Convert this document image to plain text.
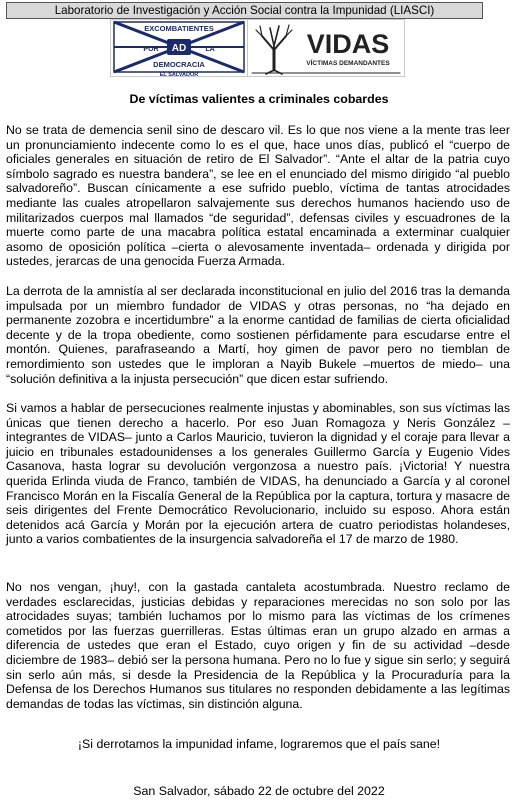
Laboratorio de Investigación y Acción Social contra la Impunidad (LIASCI)
AD
EXCOMBATIENTES
POR	LA
DEMOCRACIA
EL SALVADOR
VIDAS
VÍCTIMAS DEMANDANTES
De víctimas valientes a criminales cobardes
No se trata de demencia senil sino de descaro vil. Es lo que nos viene a la mente tras leer un pronunciamiento indecente como lo es el que, hace unos días, publicó el “cuerpo de oficiales generales en situación de retiro de El Salvador”. “Ante el altar de la patria cuyo símbolo sagrado es nuestra bandera”, se lee en el enunciado del mismo dirigido “al pueblo salvadoreño”. Buscan cínicamente a ese sufrido pueblo, víctima de tantas atrocidades mediante las cuales atropellaron salvajemente sus derechos humanos haciendo uso de militarizados cuerpos mal llamados “de seguridad”, defensas civiles y escuadrones de la muerte como parte de una macabra política estatal encaminada a exterminar cualquier asomo de oposición política –cierta o alevosamente inventada– ordenada y dirigida por ustedes, jerarcas de una genocida Fuerza Armada.
La derrota de la amnistía al ser declarada inconstitucional en julio del 2016 tras la demanda impulsada por un miembro fundador de VIDAS y otras personas, no “ha dejado en permanente zozobra e incertidumbre” a la enorme cantidad de familias de cierta oficialidad decente y de la tropa obediente, como sostienen pérfidamente para escudarse entre el montón. Quienes, parafraseando a Martí, hoy gimen de pavor pero no tiemblan de remordimiento son ustedes que le imploran a Nayib Bukele –muertos de miedo– una “solución definitiva a la injusta persecución” que dicen estar sufriendo.
Si vamos a hablar de persecuciones realmente injustas y abominables, son sus víctimas las únicas que tienen derecho a hacerlo. Por eso Juan Romagoza y Neris González –integrantes de VIDAS– junto a Carlos Mauricio, tuvieron la dignidad y el coraje para llevar a juicio en tribunales estadounidenses a los generales Guillermo García y Eugenio Vides Casanova, hasta lograr su devolución vergonzosa a nuestro país. ¡Victoria! Y nuestra querida Erlinda viuda de Franco, también de VIDAS, ha denunciado a García y al coronel Francisco Morán en la Fiscalía General de la República por la captura, tortura y masacre de seis dirigentes del Frente Democrático Revolucionario, incluido su esposo. Ahora están detenidos acá García y Morán por la ejecución artera de cuatro periodistas holandeses, junto a varios combatientes de la insurgencia salvadoreña el 17 de marzo de 1980.
No nos vengan, ¡huy!, con la gastada cantaleta acostumbrada. Nuestro reclamo de verdades esclarecidas, justicias debidas y reparaciones merecidas no son solo por las atrocidades suyas; también luchamos por lo mismo para las víctimas de los crímenes cometidos por las fuerzas guerrilleras. Estas últimas eran un grupo alzado en armas a diferencia de ustedes que eran el Estado, cuyo origen y fin de su actividad –desde diciembre de 1983– debió ser la persona humana. Pero no lo fue y sigue sin serlo; y seguirá sin serlo aún más, si desde la Presidencia de la República y la Procuraduría para la Defensa de los Derechos Humanos sus titulares no responden debidamente a las legítimas demandas de todas las víctimas, sin distinción alguna.
¡Si derrotamos la impunidad infame, lograremos que el país sane!
San Salvador, sábado 22 de octubre del 2022
